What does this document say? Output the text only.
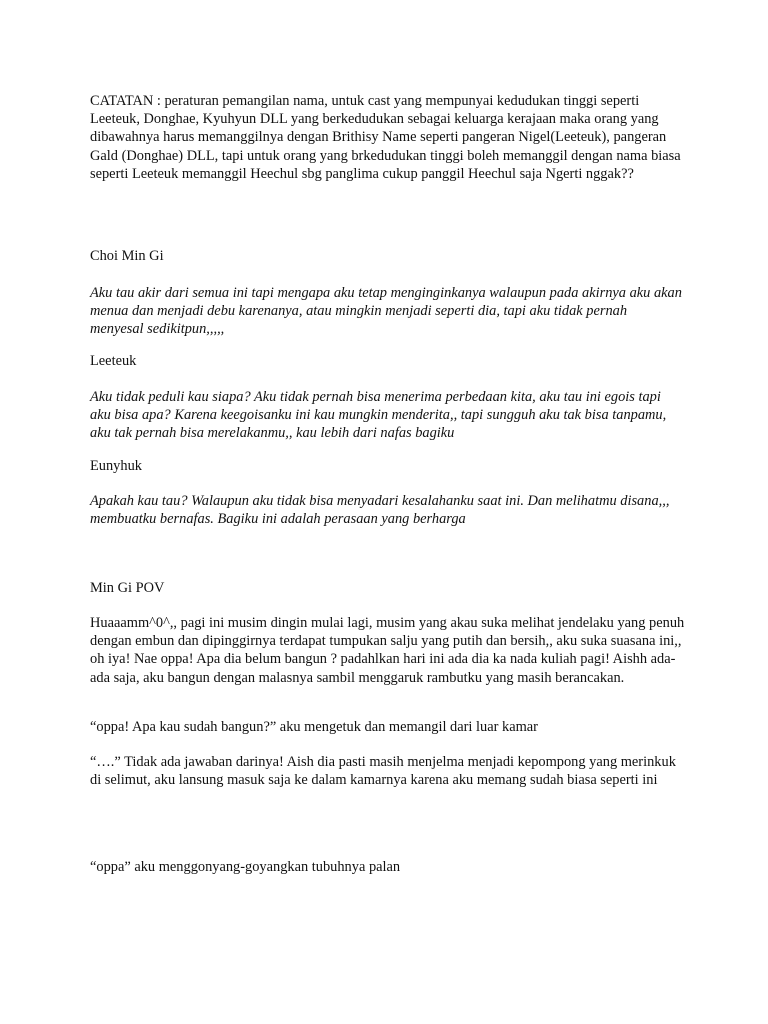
CATATAN : peraturan pemangilan nama, untuk cast yang mempunyai kedudukan tinggi seperti Leeteuk, Donghae, Kyuhyun DLL yang berkedudukan sebagai keluarga kerajaan maka orang yang dibawahnya harus memanggilnya dengan Brithisy Name seperti pangeran Nigel(Leeteuk), pangeran Gald (Donghae) DLL, tapi untuk orang yang brkedudukan tinggi boleh memanggil dengan nama biasa seperti Leeteuk memanggil Heechul sbg panglima cukup panggil Heechul saja Ngerti nggak??

Choi Min Gi

Aku tau akir dari semua ini tapi mengapa aku tetap menginginkanya walaupun pada akirnya aku akan menua dan menjadi debu karenanya, atau mingkin menjadi seperti dia, tapi aku tidak pernah menyesal sedikitpun,,,,,

Leeteuk

Aku tidak peduli kau siapa? Aku tidak pernah bisa menerima perbedaan kita, aku tau ini egois tapi aku bisa apa? Karena keegoisanku ini kau mungkin menderita,, tapi sungguh aku tak bisa tanpamu, aku tak pernah bisa merelakanmu,, kau lebih dari nafas bagiku

Eunyhuk

Apakah kau tau? Walaupun aku tidak bisa menyadari kesalahanku saat ini. Dan melihatmu disana,,, membuatku bernafas. Bagiku ini adalah perasaan yang berharga

Min Gi POV

Huaaamm^0^,, pagi ini musim dingin mulai lagi, musim yang akau suka melihat jendelaku yang penuh dengan embun dan dipinggirnya terdapat tumpukan salju yang putih dan bersih,, aku suka suasana ini,, oh iya! Nae oppa! Apa dia belum bangun ? padahlkan hari ini ada dia ka nada kuliah pagi! Aishh ada-ada saja, aku bangun dengan malasnya sambil menggaruk rambutku yang masih berancakan.

“oppa! Apa kau sudah bangun?” aku mengetuk dan memangil dari luar kamar

“….” Tidak ada jawaban darinya! Aish dia pasti masih menjelma menjadi kepompong yang merinkuk di selimut, aku lansung masuk saja ke dalam kamarnya karena aku memang sudah biasa seperti ini

“oppa” aku menggonyang-goyangkan tubuhnya palan
